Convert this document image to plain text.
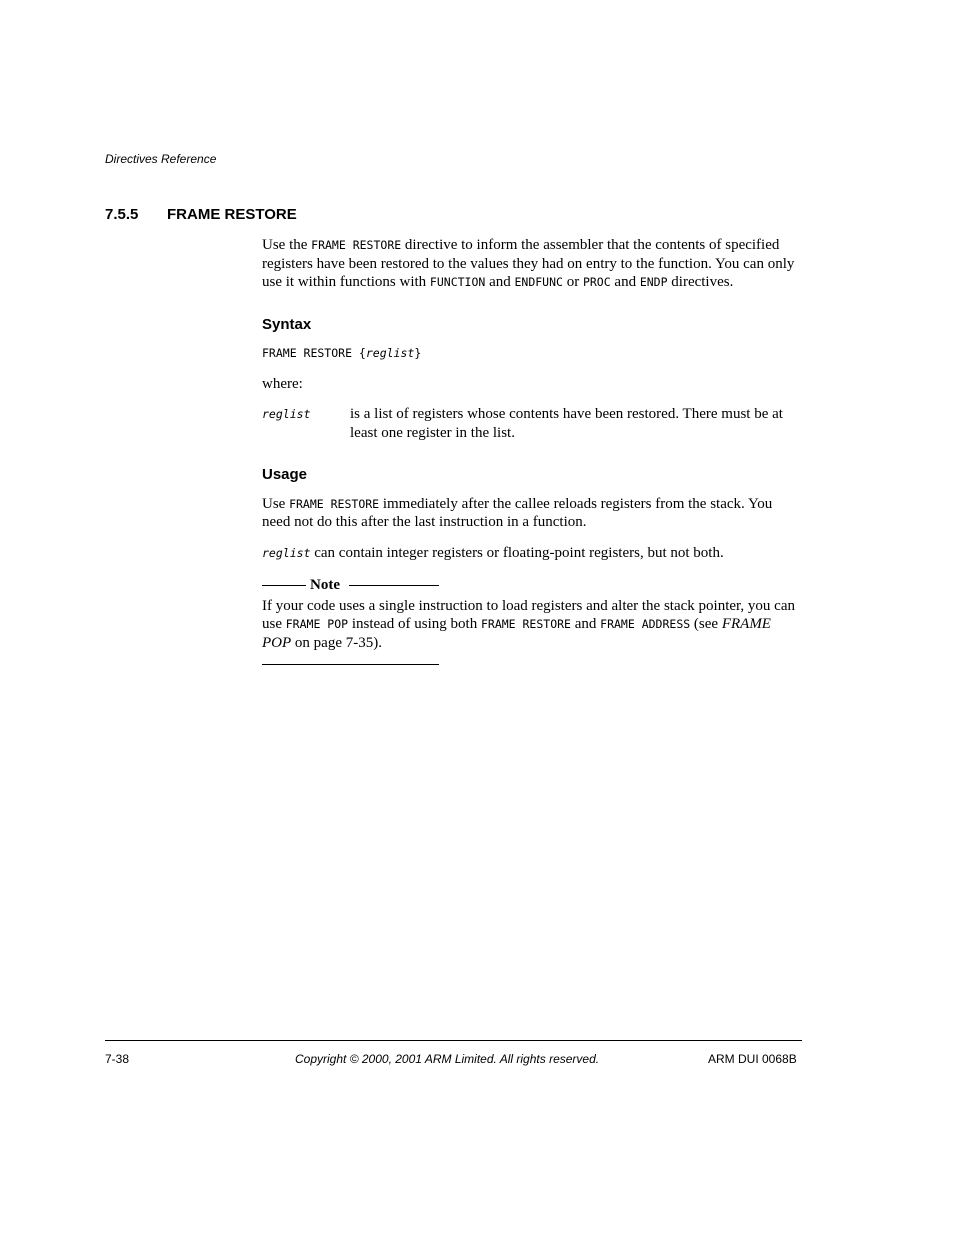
Directives Reference
7.5.5 FRAME RESTORE

Use the FRAME RESTORE directive to inform the assembler that the contents of specified registers have been restored to the values they had on entry to the function. You can only use it within functions with FUNCTION and ENDFUNC or PROC and ENDP directives.

Syntax
FRAME RESTORE {reglist}

where:

reglist	is a list of registers whose contents have been restored. There must be at least one register in the list.
Usage

Use FRAME RESTORE immediately after the callee reloads registers from the stack. You need not do this after the last instruction in a function.

reglist can contain integer registers or floating-point registers, but not both.

Note

If your code uses a single instruction to load registers and alter the stack pointer, you can use FRAME POP instead of using both FRAME RESTORE and FRAME ADDRESS (see FRAME POP on page 7-35).

7-38	Copyright © 2000, 2001 ARM Limited. All rights reserved.	ARM DUI 0068B
